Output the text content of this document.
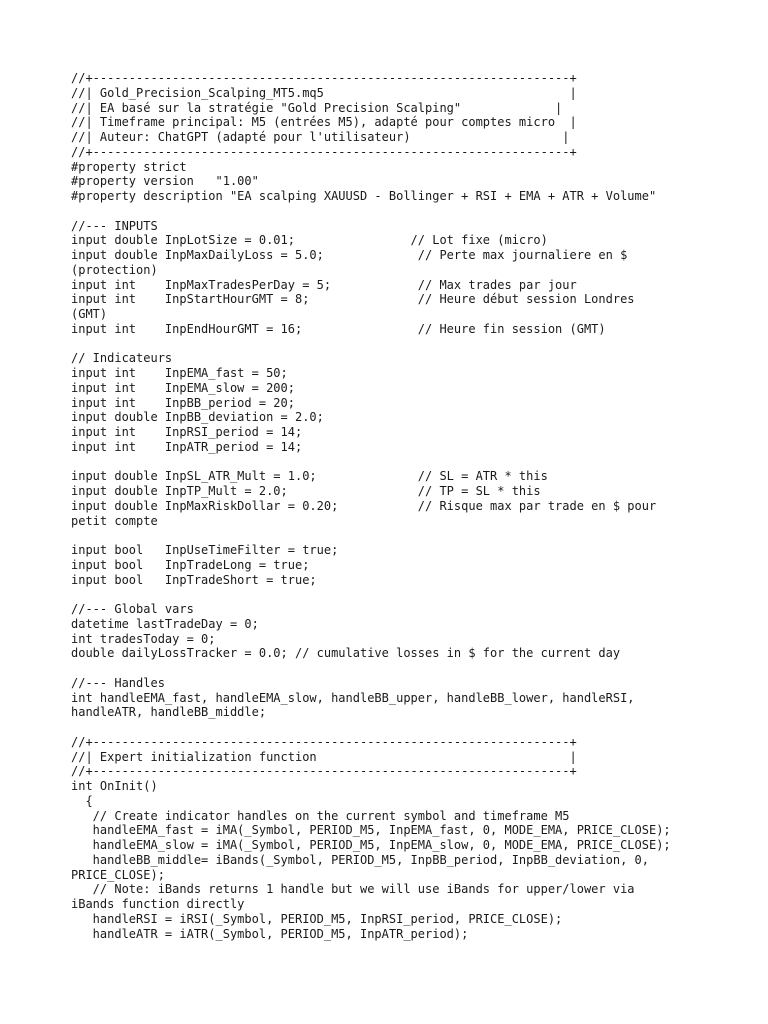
//+------------------------------------------------------------------+
//| Gold_Precision_Scalping_MT5.mq5                                  |
//| EA basé sur la stratégie "Gold Precision Scalping"             |
//| Timeframe principal: M5 (entrées M5), adapté pour comptes micro  |
//| Auteur: ChatGPT (adapté pour l'utilisateur)                     |
//+------------------------------------------------------------------+
#property strict
#property version   "1.00"
#property description "EA scalping XAUUSD - Bollinger + RSI + EMA + ATR + Volume"
//--- INPUTS
input double InpLotSize = 0.01;                // Lot fixe (micro)
input double InpMaxDailyLoss = 5.0;             // Perte max journaliere en $
(protection)
input int    InpMaxTradesPerDay = 5;            // Max trades par jour
input int    InpStartHourGMT = 8;               // Heure début session Londres
(GMT)
input int    InpEndHourGMT = 16;                // Heure fin session (GMT)
// Indicateurs
input int    InpEMA_fast = 50;
input int    InpEMA_slow = 200;
input int    InpBB_period = 20;
input double InpBB_deviation = 2.0;
input int    InpRSI_period = 14;
input int    InpATR_period = 14;
input double InpSL_ATR_Mult = 1.0;              // SL = ATR * this
input double InpTP_Mult = 2.0;                  // TP = SL * this
input double InpMaxRiskDollar = 0.20;           // Risque max par trade en $ pour
petit compte
input bool   InpUseTimeFilter = true;
input bool   InpTradeLong = true;
input bool   InpTradeShort = true;
//--- Global vars
datetime lastTradeDay = 0;
int tradesToday = 0;
double dailyLossTracker = 0.0; // cumulative losses in $ for the current day
//--- Handles
int handleEMA_fast, handleEMA_slow, handleBB_upper, handleBB_lower, handleRSI,
handleATR, handleBB_middle;
//+------------------------------------------------------------------+
//| Expert initialization function                                   |
//+------------------------------------------------------------------+
int OnInit()
{
// Create indicator handles on the current symbol and timeframe M5
handleEMA_fast = iMA(_Symbol, PERIOD_M5, InpEMA_fast, 0, MODE_EMA, PRICE_CLOSE);
handleEMA_slow = iMA(_Symbol, PERIOD_M5, InpEMA_slow, 0, MODE_EMA, PRICE_CLOSE);
handleBB_middle= iBands(_Symbol, PERIOD_M5, InpBB_period, InpBB_deviation, 0,
PRICE_CLOSE);
// Note: iBands returns 1 handle but we will use iBands for upper/lower via
iBands function directly
handleRSI = iRSI(_Symbol, PERIOD_M5, InpRSI_period, PRICE_CLOSE);
handleATR = iATR(_Symbol, PERIOD_M5, InpATR_period);
